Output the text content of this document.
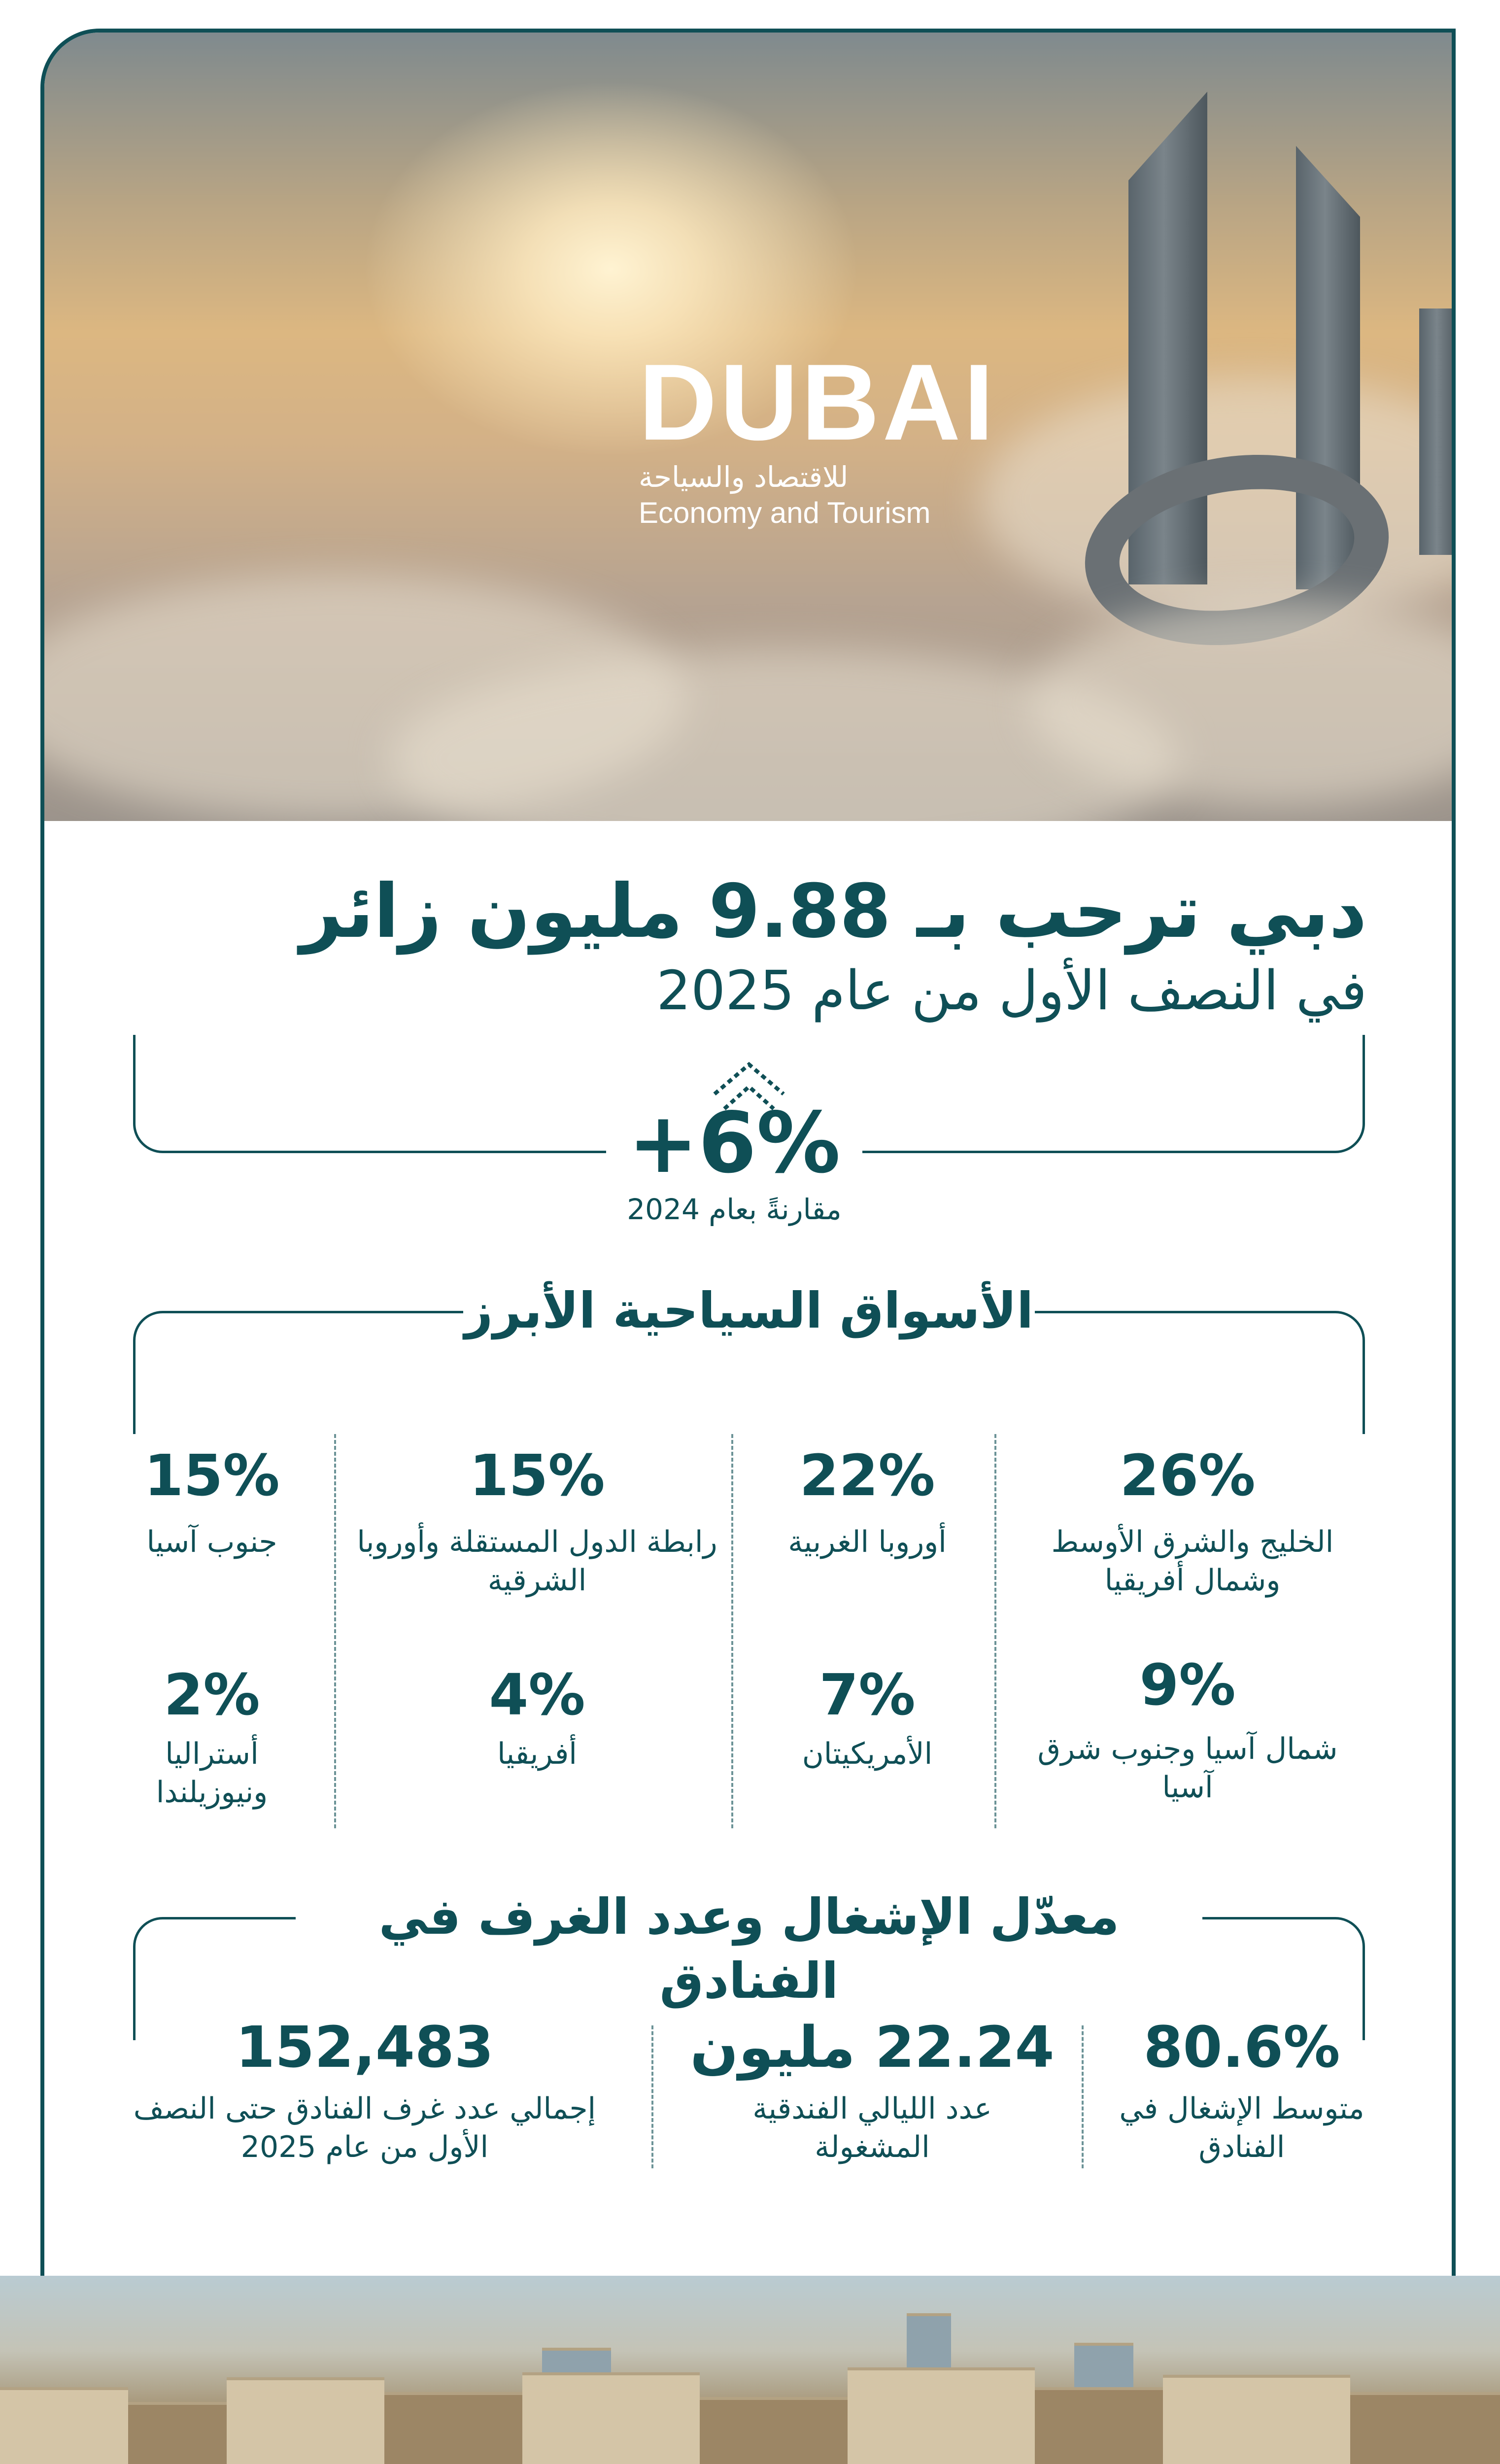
DUBAI
للاقتصاد والسياحة
Economy and Tourism
دبي ترحب بـ 9.88 مليون زائر
في النصف الأول من عام 2025
+6%
مقارنةً بعام 2024
الأسواق السياحية الأبرز
26%
الخليج والشرق الأوسط وشمال أفريقيا
22%
أوروبا الغربية
15%
رابطة الدول المستقلة وأوروبا الشرقية
15%
جنوب آسيا
9%
شمال آسيا وجنوب شرق آسيا
7%
الأمريكيتان
4%
أفريقيا
2%
أستراليا ونيوزيلندا
معدّل الإشغال وعدد الغرف في الفنادق
80.6%
متوسط الإشغال في الفنادق
22.24 مليون
عدد الليالي الفندقية المشغولة
152,483
إجمالي عدد غرف الفنادق حتى النصف الأول من عام 2025
